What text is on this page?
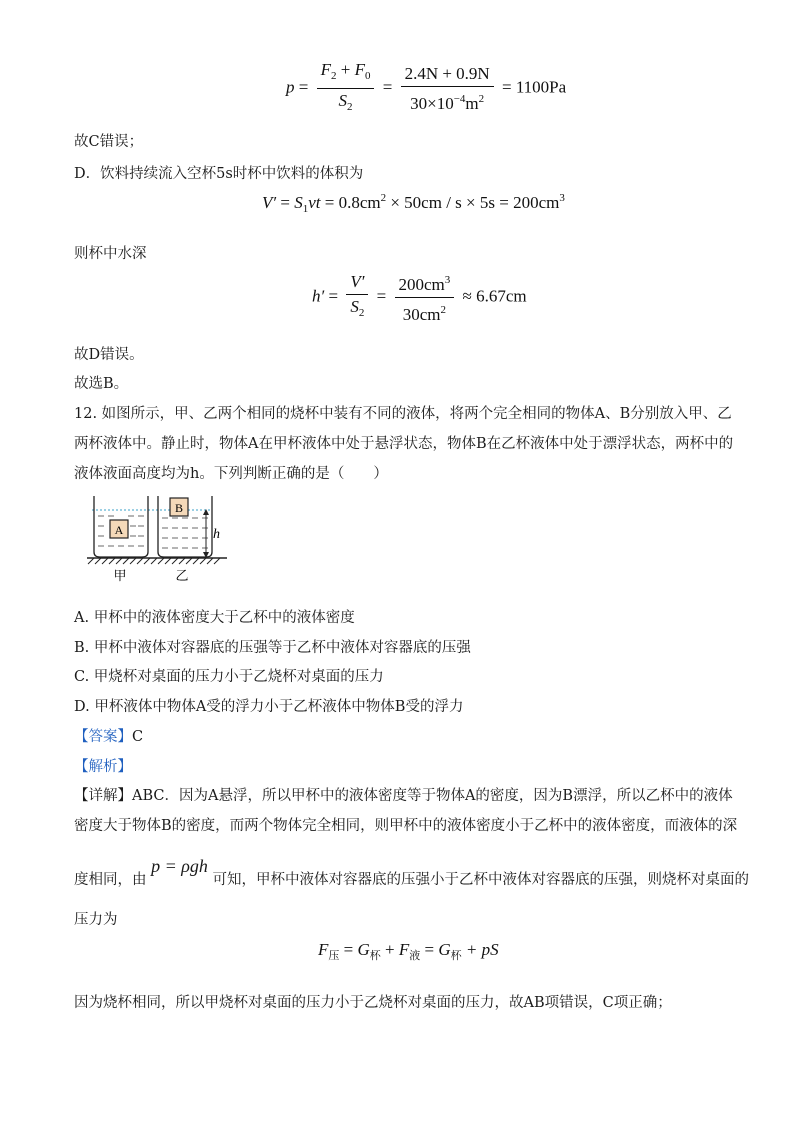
$p = \frac{F_2 + F_0}{S_2} = \frac{2.4N + 0.9N}{30\times 10^{-4}m^2} = 1100Pa$
故C错误；
D．饮料持续流入空杯5s时杯中饮料的体积为
$V' = S_1vt = 0.8cm^2 \times 50cm / s \times 5s = 200cm^3$
则杯中水深
$h' = \frac{V'}{S_2} = \frac{200cm^3}{30cm^2} \approx 6.67cm$
故D错误。
故选B。
12. 如图所示，甲、乙两个相同的烧杯中装有不同的液体，将两个完全相同的物体A、B分别放入甲、乙
两杯液体中。静止时，物体A在甲杯液体中处于悬浮状态，物体B在乙杯液体中处于漂浮状态，两杯中的
液体液面高度均为h。下列判断正确的是（　　）
A
B
h
甲	乙
A. 甲杯中的液体密度大于乙杯中的液体密度
B. 甲杯中液体对容器底的压强等于乙杯中液体对容器底的压强
C. 甲烧杯对桌面的压力小于乙烧杯对桌面的压力
D. 甲杯液体中物体A受的浮力小于乙杯液体中物体B受的浮力
【答案】C
【解析】
【详解】ABC．因为A悬浮，所以甲杯中的液体密度等于物体A的密度，因为B漂浮，所以乙杯中的液体
密度大于物体B的密度，而两个物体完全相同，则甲杯中的液体密度小于乙杯中的液体密度，而液体的深
度相同，由 p = ρgh 可知，甲杯中液体对容器底的压强小于乙杯中液体对容器底的压强，则烧杯对桌面的
压力为
$F_压 = G_杯 + F_液 = G_杯$ + pS
因为烧杯相同，所以甲烧杯对桌面的压力小于乙烧杯对桌面的压力，故AB项错误，C项正确；
